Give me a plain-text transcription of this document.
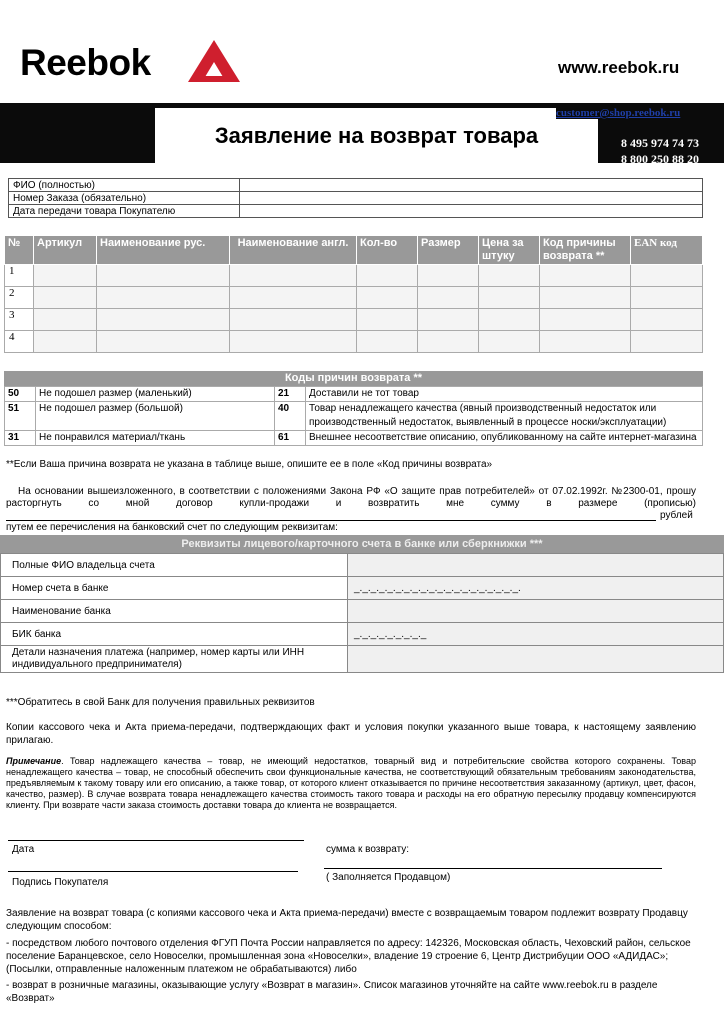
Reebok	www.reebok.ru
Заявление на возврат товара
customer@shop.reebok.ru
8 495 974 74 73
8 800 250 88 20
ФИО (полностью)	
Номер Заказа (обязательно)	
Дата передачи товара Покупателю	
№	Артикул	Наименование рус.	Наименование англ.	Кол-во	Размер	Цена за штуку	Код причины возврата **	EAN код
1								
2								
3								
4								
Коды причин возврата **
50	Не подошел размер (маленький)	21	Доставили не тот товар
51	Не подошел размер (большой)	40	Товар ненадлежащего качества (явный производственный недостаток или производственный недостаток, выявленный в процессе носки/эксплуатации)
31	Не понравился материал/ткань	61	Внешнее несоответствие описанию, опубликованному на сайте интернет-магазина
**Если Ваша причина возврата не указана в таблице выше, опишите ее в поле «Код причины возврата»
На основании вышеизложенного, в соответствии с положениями Закона РФ «О защите прав потребителей» от 07.02.1992г. №2300-01, прошу
расторгнуть со мной договор купли-продажи и возвратить мне сумму в размере (прописью)
рублей
путем ее перечисления на банковский счет по следующим реквизитам:
Реквизиты лицевого/карточного счета в банке или сберкнижки ***
Полные ФИО владельца счета	
Номер счета в банке	_._._._._._._._._._._._._._._._._._._._.
Наименование банка	
БИК банка	_._._._._._._._._
Детали назначения платежа (например, номер карты или ИНН индивидуального предпринимателя)	
***Обратитесь в свой Банк для получения правильных реквизитов
Копии кассового чека и Акта приема-передачи, подтверждающих факт и условия покупки указанного выше товара, к настоящему заявлению прилагаю.
Примечание. Товар надлежащего качества – товар, не имеющий недостатков, товарный вид и потребительские свойства которого сохранены. Товар ненадлежащего качества – товар, не способный обеспечить свои функциональные качества, не соответствующий обязательным требованиям законодательства, предъявляемым к такому товару или его описанию, а также товар, от которого клиент отказывается по причине несоответствия заказанному (артикул, цвет, фасон, качество, размер). В случае возврата товара ненадлежащего качества стоимость такого товара и расходы на его обратную пересылку продавцу компенсируются клиенту. При возврате части заказа стоимость доставки товара до клиента не возвращается.
Дата
Подпись Покупателя
сумма к возврату:
( Заполняется Продавцом)
Заявление на возврат товара (с копиями кассового чека и Акта приема-передачи) вместе с возвращаемым товаром подлежит возврату Продавцу следующим способом:
- посредством любого почтового отделения ФГУП Почта России направляется по адресу: 142326, Московская область, Чеховский район, сельское поселение Баранцевское, село Новоселки, промышленная зона «Новоселки», владение 19 строение 6, Центр Дистрибуции ООО «АДИДАС»; (Посылки, отправленные наложенным платежом не обрабатываются) либо
- возврат в розничные магазины, оказывающие услугу «Возврат в магазин». Список магазинов уточняйте на сайте www.reebok.ru в разделе «Возврат»
